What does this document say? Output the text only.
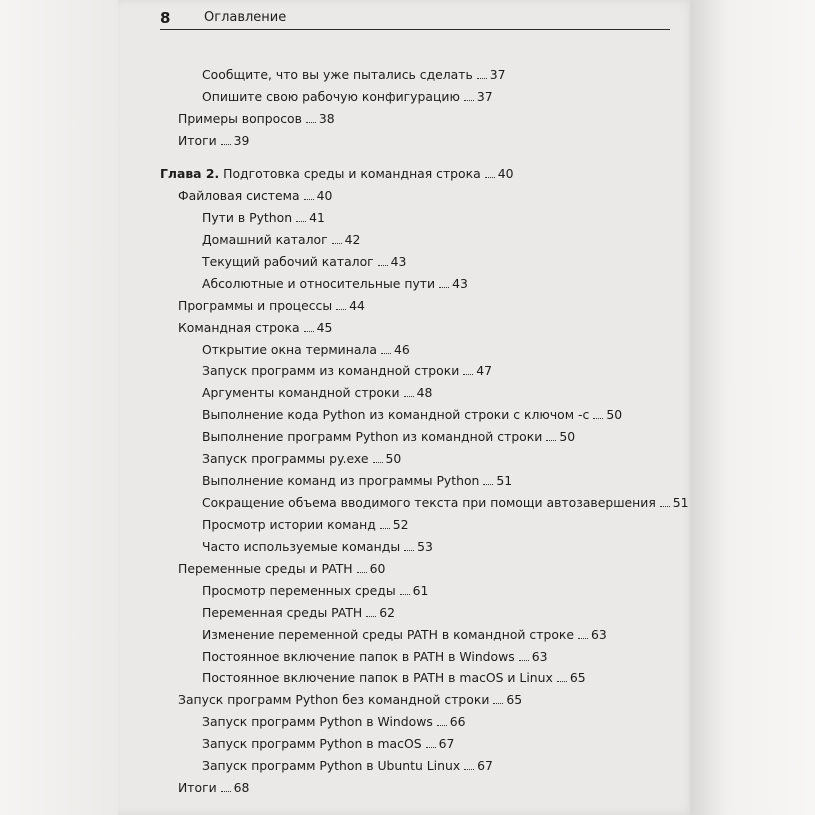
8	Оглавление
Сообщите, что вы уже пытались сделать 37
Опишите свою рабочую конфигурацию 37
Примеры вопросов 38
Итоги 39
Глава 2. Подготовка среды и командная строка 40
Файловая система 40
Пути в Python 41
Домашний каталог 42
Текущий рабочий каталог 43
Абсолютные и относительные пути 43
Программы и процессы 44
Командная строка 45
Открытие окна терминала 46
Запуск программ из командной строки 47
Аргументы командной строки 48
Выполнение кода Python из командной строки с ключом -c 50
Выполнение программ Python из командной строки 50
Запуск программы py.exe 50
Выполнение команд из программы Python 51
Сокращение объема вводимого текста при помощи автозавершения 51
Просмотр истории команд 52
Часто используемые команды 53
Переменные среды и PATH 60
Просмотр переменных среды 61
Переменная среды PATH 62
Изменение переменной среды PATH в командной строке 63
Постоянное включение папок в PATH в Windows 63
Постоянное включение папок в PATH в macOS и Linux 65
Запуск программ Python без командной строки 65
Запуск программ Python в Windows 66
Запуск программ Python в macOS 67
Запуск программ Python в Ubuntu Linux 67
Итоги 68
